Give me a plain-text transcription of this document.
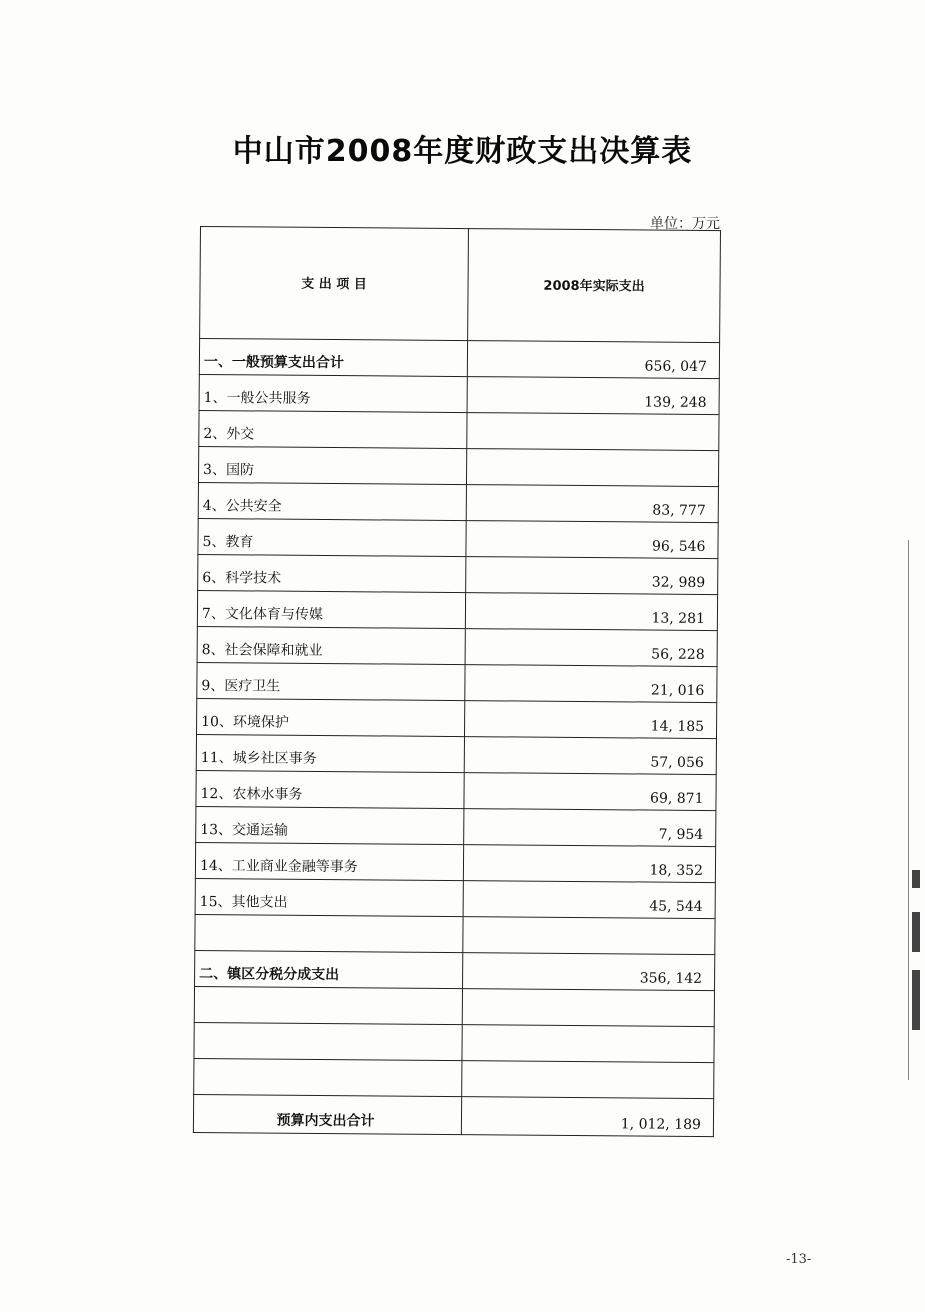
中山市2008年度财政支出决算表
单位：万元
支 出 项 目	2008年实际支出
一、一般预算支出合计	656, 047
1、一般公共服务	139, 248
2、外交	
3、国防	
4、公共安全	83, 777
5、教育	96, 546
6、科学技术	32, 989
7、文化体育与传媒	13, 281
8、社会保障和就业	56, 228
9、医疗卫生	21, 016
10、环境保护	14, 185
11、城乡社区事务	57, 056
12、农林水事务	69, 871
13、交通运输	7, 954
14、工业商业金融等事务	18, 352
15、其他支出	45, 544

二、镇区分税分成支出	356, 142

预算内支出合计	1, 012, 189
-13-
